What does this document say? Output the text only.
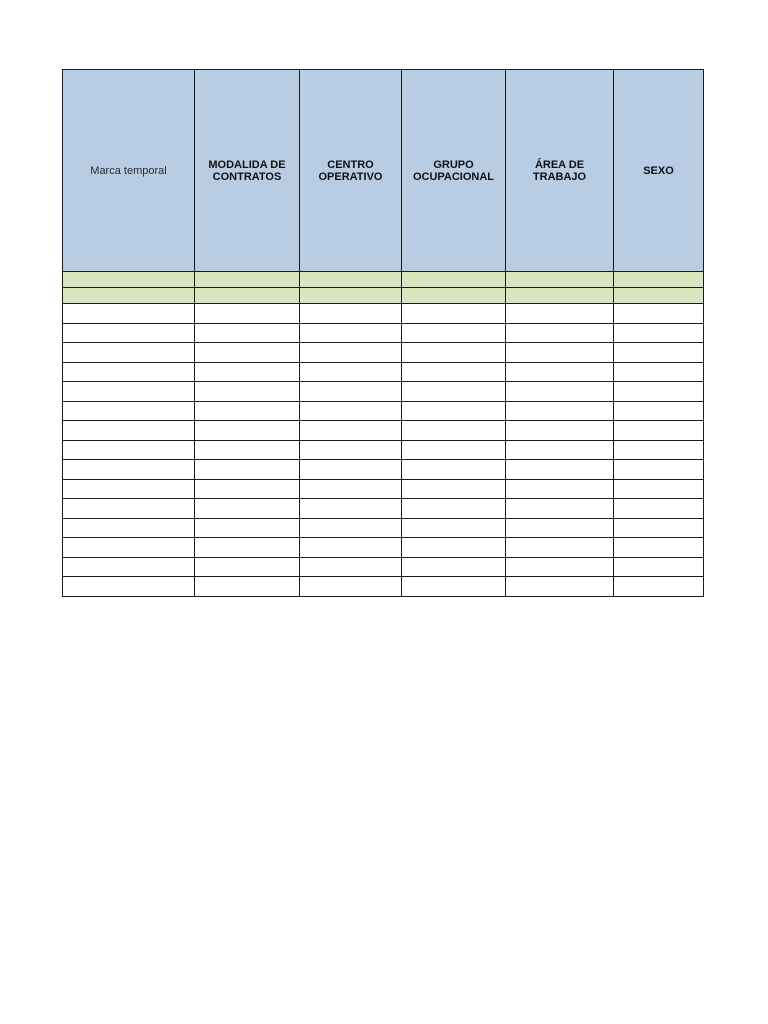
Marca temporal	MODALIDA DE CONTRATOS	CENTRO OPERATIVO	GRUPO OCUPACIONAL	ÁREA DE TRABAJO	SEXO
